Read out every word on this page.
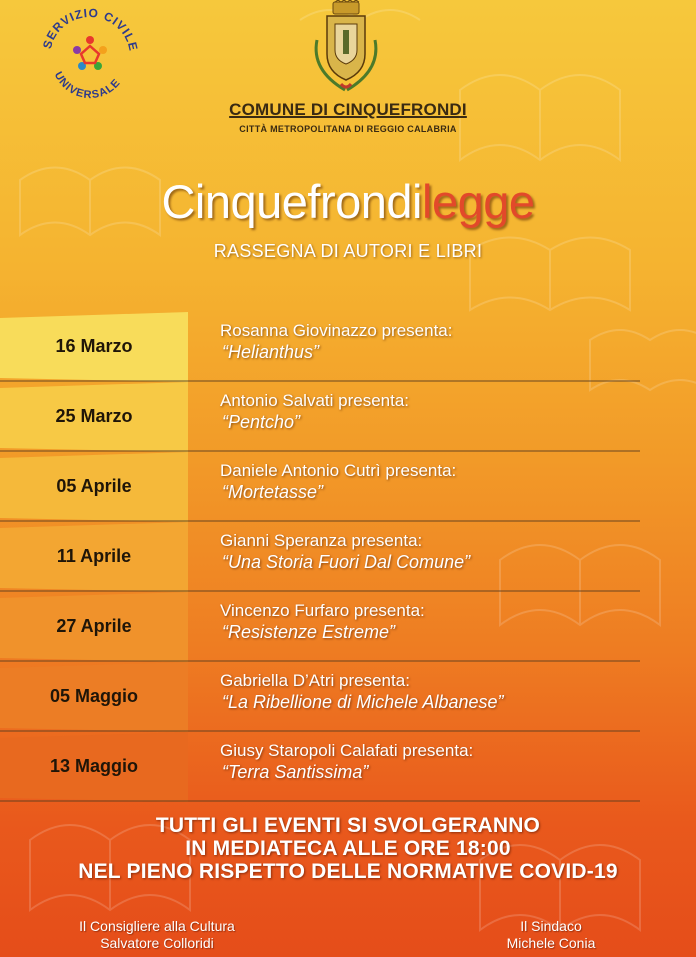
SERVIZIO CIVILE
UNIVERSALE
COMUNE DI CINQUEFRONDI
CITTÀ METROPOLITANA DI REGGIO CALABRIA
Cinquefrondilegge
RASSEGNA DI AUTORI E LIBRI
16 Marzo
Rosanna Giovinazzo presenta:
“Helianthus”
25 Marzo
Antonio Salvati presenta:
“Pentcho”
05 Aprile
Daniele Antonio Cutrì presenta:
“Mortetasse”
11 Aprile
Gianni Speranza presenta:
“Una Storia Fuori Dal Comune”
27 Aprile
Vincenzo Furfaro presenta:
“Resistenze Estreme”
05 Maggio
Gabriella D’Atri presenta:
“La Ribellione di Michele Albanese”
13 Maggio
Giusy Staropoli Calafati presenta:
“Terra Santissima”
TUTTI GLI EVENTI SI SVOLGERANNO
IN MEDIATECA ALLE ORE 18:00
NEL PIENO RISPETTO DELLE NORMATIVE COVID-19
Il Consigliere alla Cultura
Salvatore Colloridi
Il Sindaco
Michele Conia
